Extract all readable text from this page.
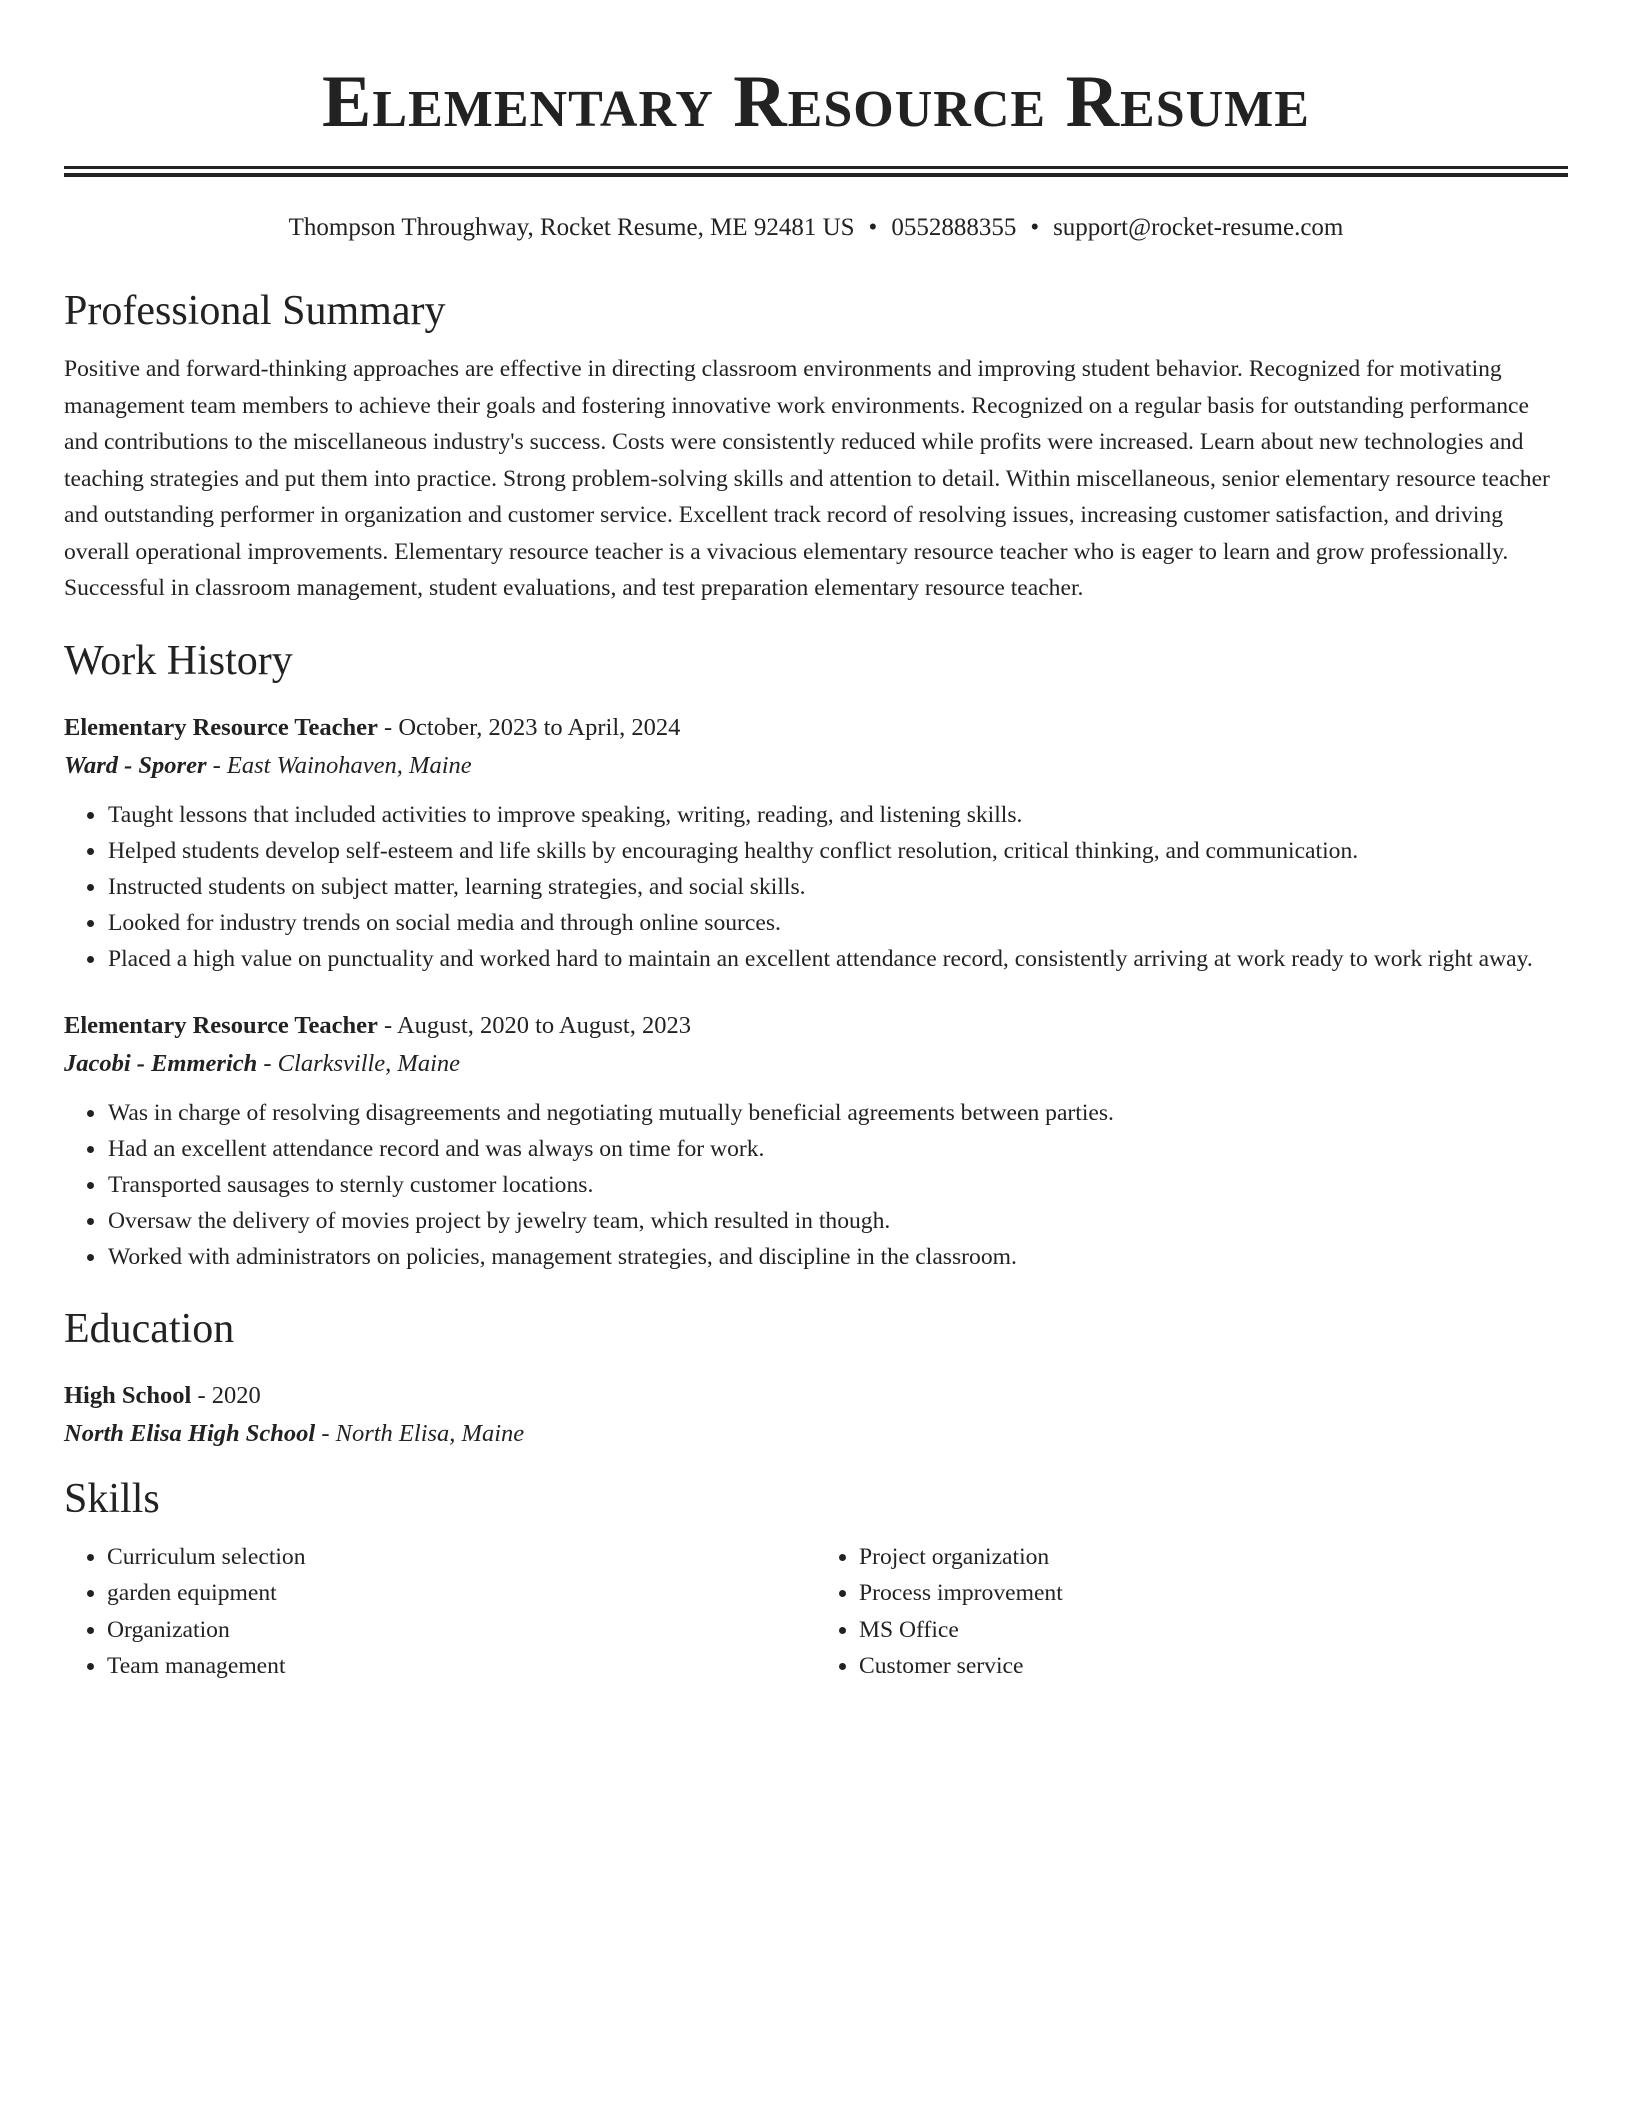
Elementary Resource Resume
Thompson Throughway, Rocket Resume, ME 92481 US • 0552888355 • support@rocket-resume.com
Professional Summary

Positive and forward-thinking approaches are effective in directing classroom environments and improving student behavior. Recognized for motivating management team members to achieve their goals and fostering innovative work environments. Recognized on a regular basis for outstanding performance and contributions to the miscellaneous industry's success. Costs were consistently reduced while profits were increased. Learn about new technologies and teaching strategies and put them into practice. Strong problem-solving skills and attention to detail. Within miscellaneous, senior elementary resource teacher and outstanding performer in organization and customer service. Excellent track record of resolving issues, increasing customer satisfaction, and driving overall operational improvements. Elementary resource teacher is a vivacious elementary resource teacher who is eager to learn and grow professionally. Successful in classroom management, student evaluations, and test preparation elementary resource teacher.

Work History
Elementary Resource Teacher - October, 2023 to April, 2024
Ward - Sporer - East Wainohaven, Maine
• Taught lessons that included activities to improve speaking, writing, reading, and listening skills.
• Helped students develop self-esteem and life skills by encouraging healthy conflict resolution, critical thinking, and communication.
• Instructed students on subject matter, learning strategies, and social skills.
• Looked for industry trends on social media and through online sources.
• Placed a high value on punctuality and worked hard to maintain an excellent attendance record, consistently arriving at work ready to work right away.
Elementary Resource Teacher - August, 2020 to August, 2023
Jacobi - Emmerich - Clarksville, Maine
• Was in charge of resolving disagreements and negotiating mutually beneficial agreements between parties.
• Had an excellent attendance record and was always on time for work.
• Transported sausages to sternly customer locations.
• Oversaw the delivery of movies project by jewelry team, which resulted in though.
• Worked with administrators on policies, management strategies, and discipline in the classroom.
Education
High School - 2020
North Elisa High School - North Elisa, Maine
Skills
• Curriculum selection
• garden equipment
• Organization
• Team management
• Project organization
• Process improvement
• MS Office
• Customer service
